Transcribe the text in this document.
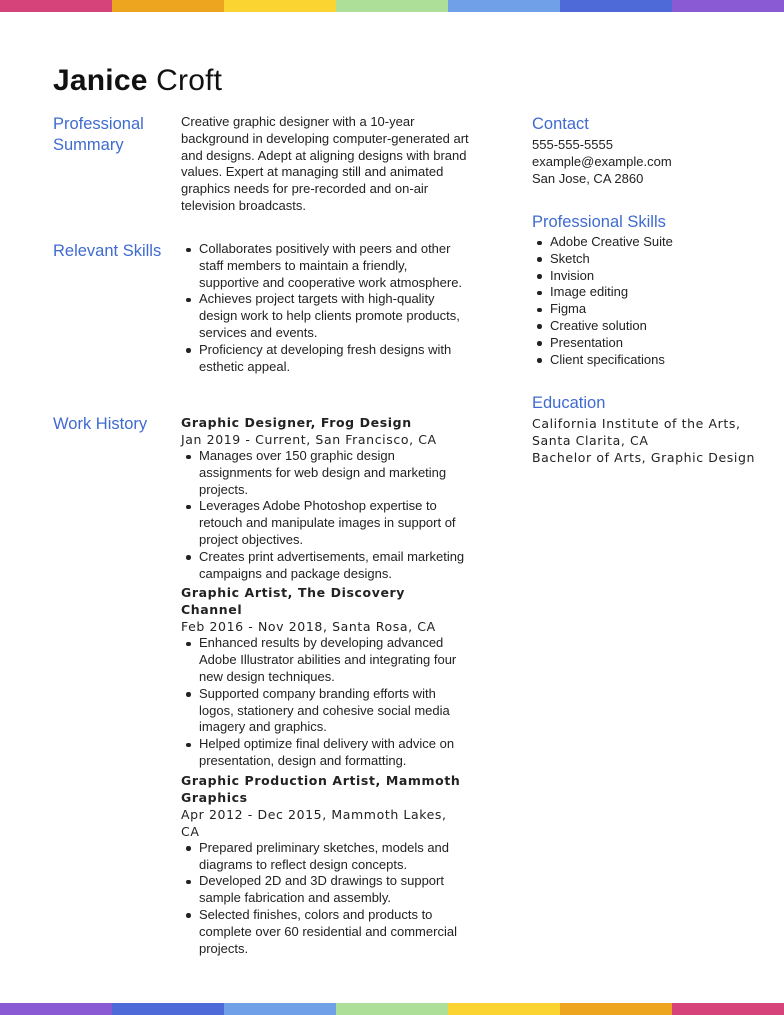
Janice Croft
Professional Summary

Creative graphic designer with a 10-year background in developing computer-generated art and designs. Adept at aligning designs with brand values. Expert at managing still and animated graphics needs for pre-recorded and on-air television broadcasts.

Relevant Skills	Collaborates positively with peers and other staff members to maintain a friendly, supportive and cooperative work atmosphere.
Achieves project targets with high-quality design work to help clients promote products, services and events.
Proficiency at developing fresh designs with esthetic appeal.
Work History	Graphic Designer, Frog Design
Jan 2019 - Current, San Francisco, CA
Manages over 150 graphic design assignments for web design and marketing projects.
Leverages Adobe Photoshop expertise to retouch and manipulate images in support of project objectives.
Creates print advertisements, email marketing campaigns and package designs.
Graphic Artist, The Discovery Channel
Feb 2016 - Nov 2018, Santa Rosa, CA
Enhanced results by developing advanced Adobe Illustrator abilities and integrating four new design techniques.
Supported company branding efforts with logos, stationery and cohesive social media imagery and graphics.
Helped optimize final delivery with advice on presentation, design and formatting.
Graphic Production Artist, Mammoth Graphics
Apr 2012 - Dec 2015, Mammoth Lakes, CA
Prepared preliminary sketches, models and diagrams to reflect design concepts.
Developed 2D and 3D drawings to support sample fabrication and assembly.
Selected finishes, colors and products to complete over 60 residential and commercial projects.
Contact
555-555-5555
example@example.com
San Jose, CA 2860
Professional Skills
Adobe Creative Suite
Sketch
Invision
Image editing
Figma
Creative solution
Presentation
Client specifications
Education
California Institute of the Arts, Santa Clarita, CA
Bachelor of Arts, Graphic Design
